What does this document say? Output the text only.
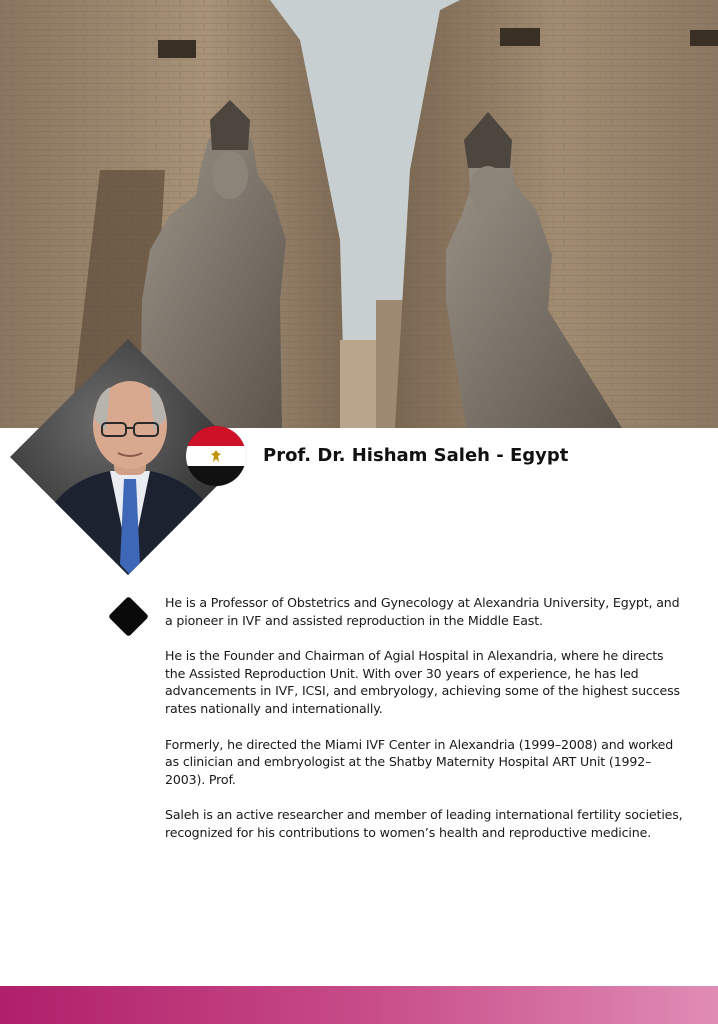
Prof. Dr. Hisham Saleh - Egypt

He is a Professor of Obstetrics and Gynecology at Alexandria University, Egypt, and a pioneer in IVF and assisted reproduction in the Middle East.

He is the Founder and Chairman of Agial Hospital in Alexandria, where he directs the Assisted Reproduction Unit. With over 30 years of experience, he has led advancements in IVF, ICSI, and embryology, achieving some of the highest success rates nationally and internationally.

Formerly, he directed the Miami IVF Center in Alexandria (1999–2008) and worked as clinician and embryologist at the Shatby Maternity Hospital ART Unit (1992–2003). Prof.

Saleh is an active researcher and member of leading international fertility societies, recognized for his contributions to women’s health and reproductive medicine.
